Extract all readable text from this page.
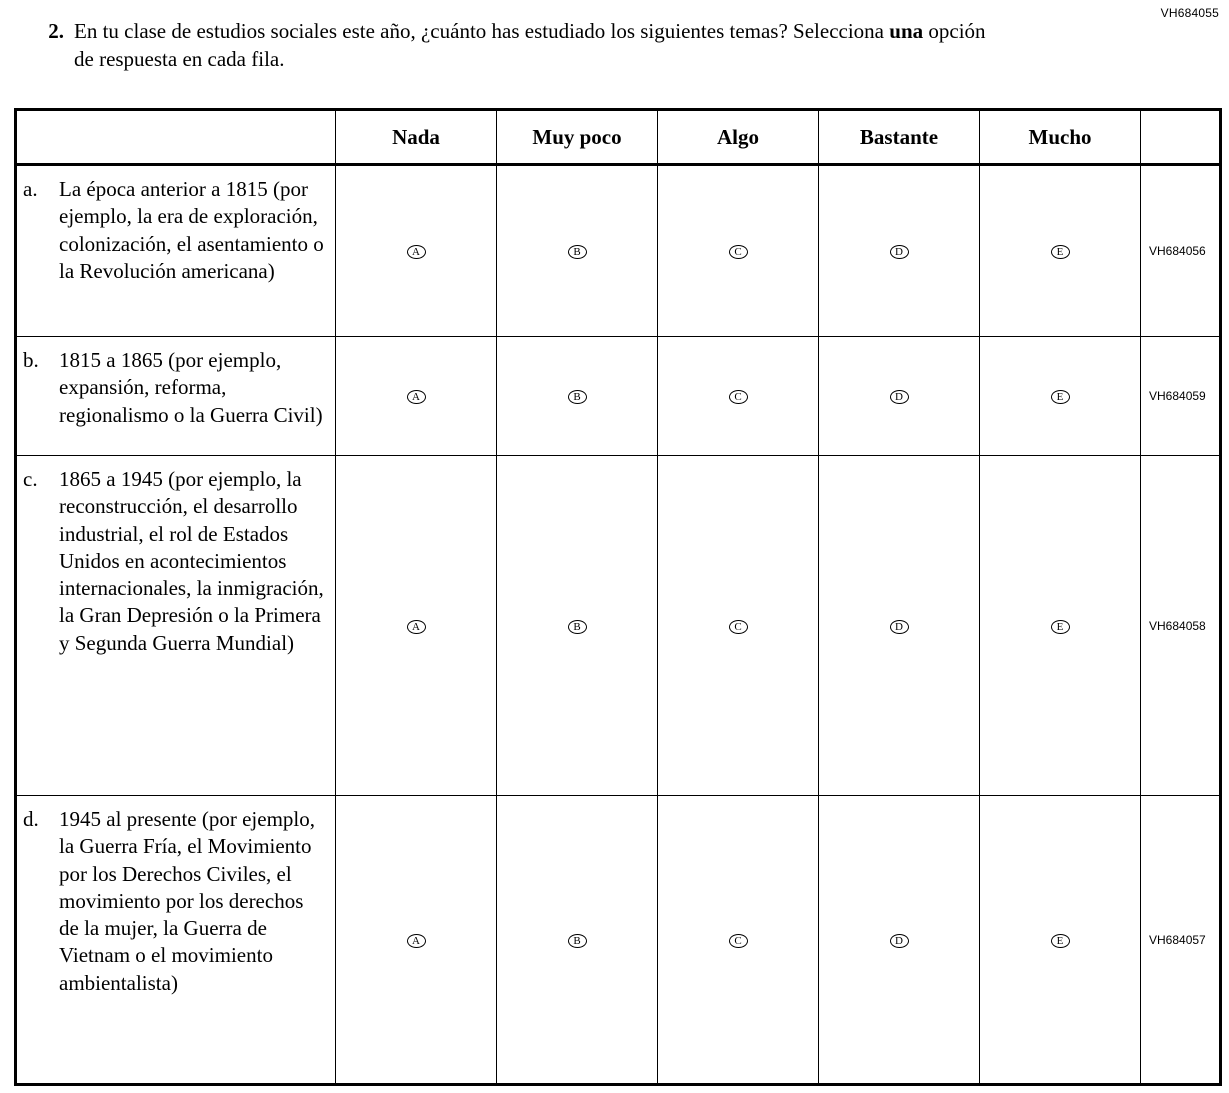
VH684055
2. En tu clase de estudios sociales este año, ¿cuánto has estudiado los siguientes temas? Selecciona una opción de respuesta en cada fila.
	Nada	Muy poco	Algo	Bastante	Mucho	

a. La época anterior a 1815 (por ejemplo, la era de exploración, colonización, el asentamiento o la Revolución americana)	A	B	C	D	E	VH684056

b. 1815 a 1865 (por ejemplo, expansión, reforma, regionalismo o la Guerra Civil)	A	B	C	D	E	VH684059

c. 1865 a 1945 (por ejemplo, la reconstrucción, el desarrollo industrial, el rol de Estados Unidos en acontecimientos internacionales, la inmigración, la Gran Depresión o la Primera y Segunda Guerra Mundial)	A	B	C	D	E	VH684058

d. 1945 al presente (por ejemplo, la Guerra Fría, el Movimiento por los Derechos Civiles, el movimiento por los derechos de la mujer, la Guerra de Vietnam o el movimiento ambientalista)	A	B	C	D	E	VH684057
